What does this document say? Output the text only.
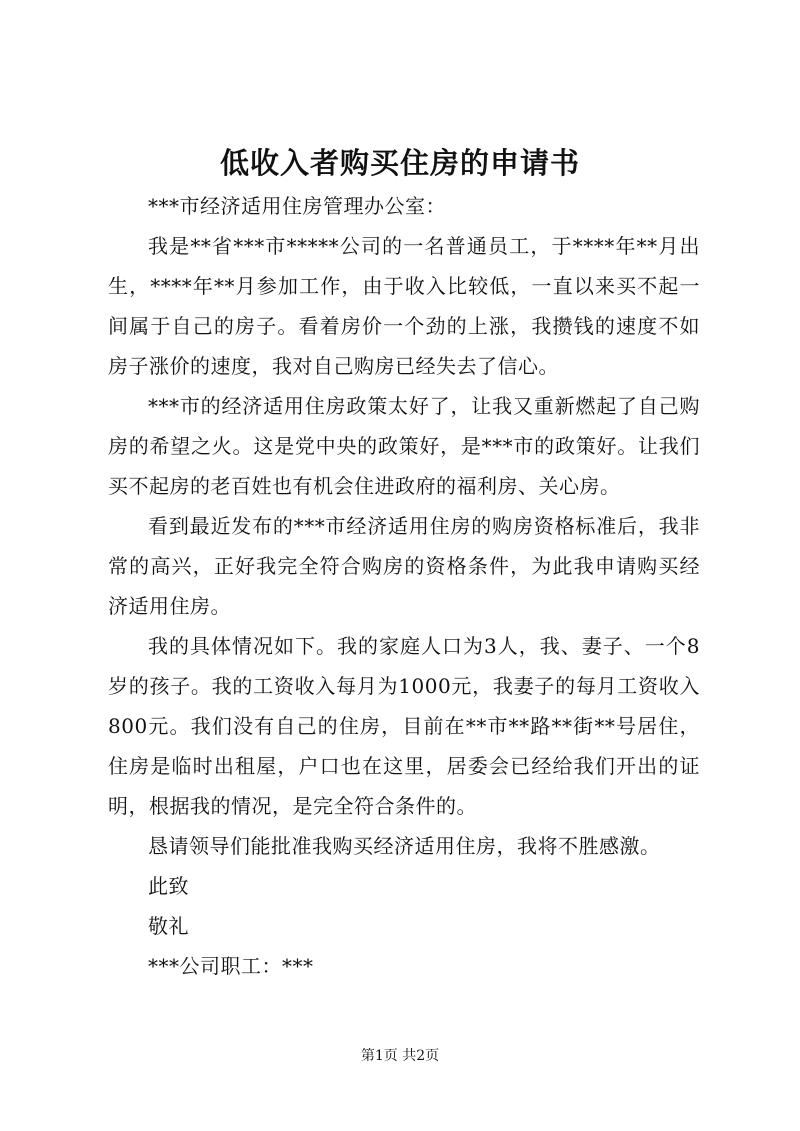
低收入者购买住房的申请书

***市经济适用住房管理办公室：

我是**省***市*****公司的一名普通员工，于****年**月出生，****年**月参加工作，由于收入比较低，一直以来买不起一间属于自己的房子。看着房价一个劲的上涨，我攒钱的速度不如房子涨价的速度，我对自己购房已经失去了信心。

***市的经济适用住房政策太好了，让我又重新燃起了自己购房的希望之火。这是党中央的政策好，是***市的政策好。让我们买不起房的老百姓也有机会住进政府的福利房、关心房。

看到最近发布的***市经济适用住房的购房资格标准后，我非常的高兴，正好我完全符合购房的资格条件，为此我申请购买经济适用住房。

我的具体情况如下。我的家庭人口为3人，我、妻子、一个8岁的孩子。我的工资收入每月为1000元，我妻子的每月工资收入800元。我们没有自己的住房，目前在**市**路**街**号居住，住房是临时出租屋，户口也在这里，居委会已经给我们开出的证明，根据我的情况，是完全符合条件的。

恳请领导们能批准我购买经济适用住房，我将不胜感激。

此致

敬礼

***公司职工：***

第1页 共2页
